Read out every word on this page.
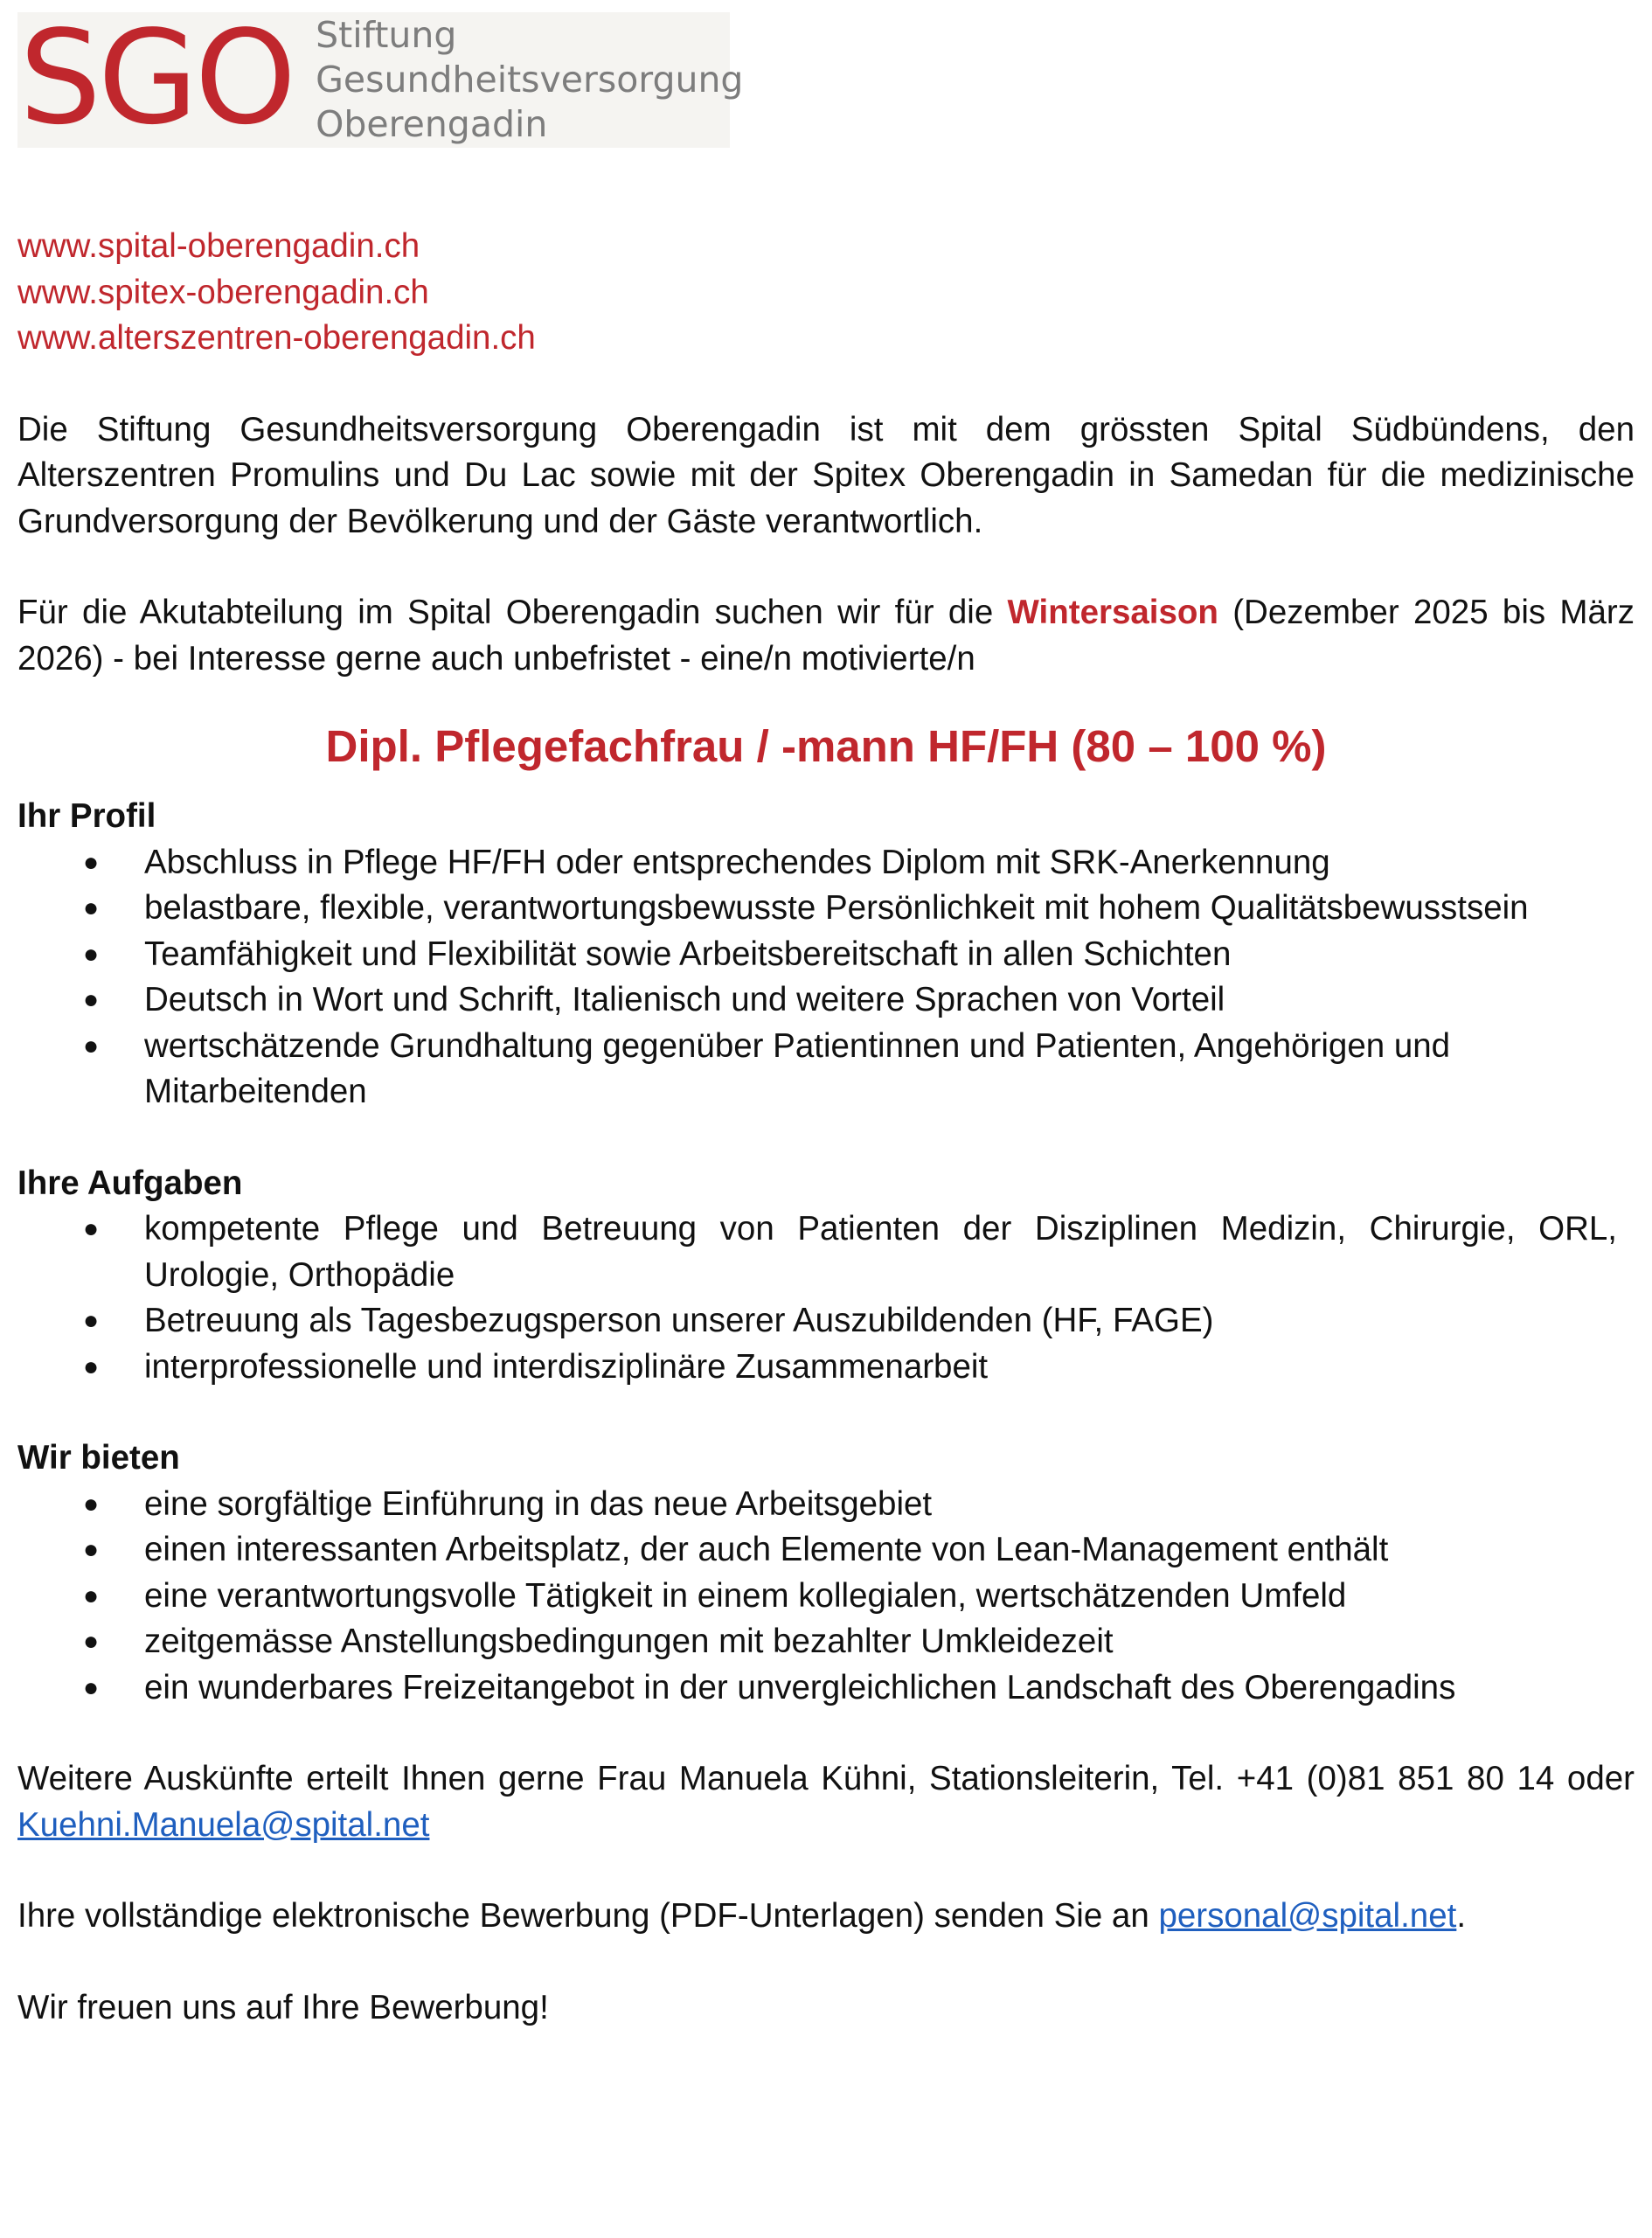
SGO Stiftung
Gesundheitsversorgung
Oberengadin
www.spital-oberengadin.ch
www.spitex-oberengadin.ch
www.alterszentren-oberengadin.ch

Die Stiftung Gesundheitsversorgung Oberengadin ist mit dem grössten Spital Südbündens, den Alterszentren Promulins und Du Lac sowie mit der Spitex Oberengadin in Samedan für die medizinische Grundversorgung der Bevölkerung und der Gäste verantwortlich.

Für die Akutabteilung im Spital Oberengadin suchen wir für die Wintersaison (Dezember 2025 bis März 2026) - bei Interesse gerne auch unbefristet - eine/n motivierte/n

Dipl. Pflegefachfrau / -mann HF/FH (80 – 100 %)

Ihr Profil

● Abschluss in Pflege HF/FH oder entsprechendes Diplom mit SRK-Anerkennung
● belastbare, flexible, verantwortungsbewusste Persönlichkeit mit hohem Qualitätsbewusstsein
● Teamfähigkeit und Flexibilität sowie Arbeitsbereitschaft in allen Schichten
● Deutsch in Wort und Schrift, Italienisch und weitere Sprachen von Vorteil
● wertschätzende Grundhaltung gegenüber Patientinnen und Patienten, Angehörigen und Mitarbeitenden

Ihre Aufgaben

● kompetente Pflege und Betreuung von Patienten der Disziplinen Medizin, Chirurgie, ORL, Urologie, Orthopädie
● Betreuung als Tagesbezugsperson unserer Auszubildenden (HF, FAGE)
● interprofessionelle und interdisziplinäre Zusammenarbeit

Wir bieten

● eine sorgfältige Einführung in das neue Arbeitsgebiet
● einen interessanten Arbeitsplatz, der auch Elemente von Lean-Management enthält
● eine verantwortungsvolle Tätigkeit in einem kollegialen, wertschätzenden Umfeld
● zeitgemässe Anstellungsbedingungen mit bezahlter Umkleidezeit
● ein wunderbares Freizeitangebot in der unvergleichlichen Landschaft des Oberengadins

Weitere Auskünfte erteilt Ihnen gerne Frau Manuela Kühni, Stationsleiterin, Tel. +41 (0)81 851 80 14 oder Kuehni.Manuela@spital.net

Ihre vollständige elektronische Bewerbung (PDF-Unterlagen) senden Sie an personal@spital.net.

Wir freuen uns auf Ihre Bewerbung!
